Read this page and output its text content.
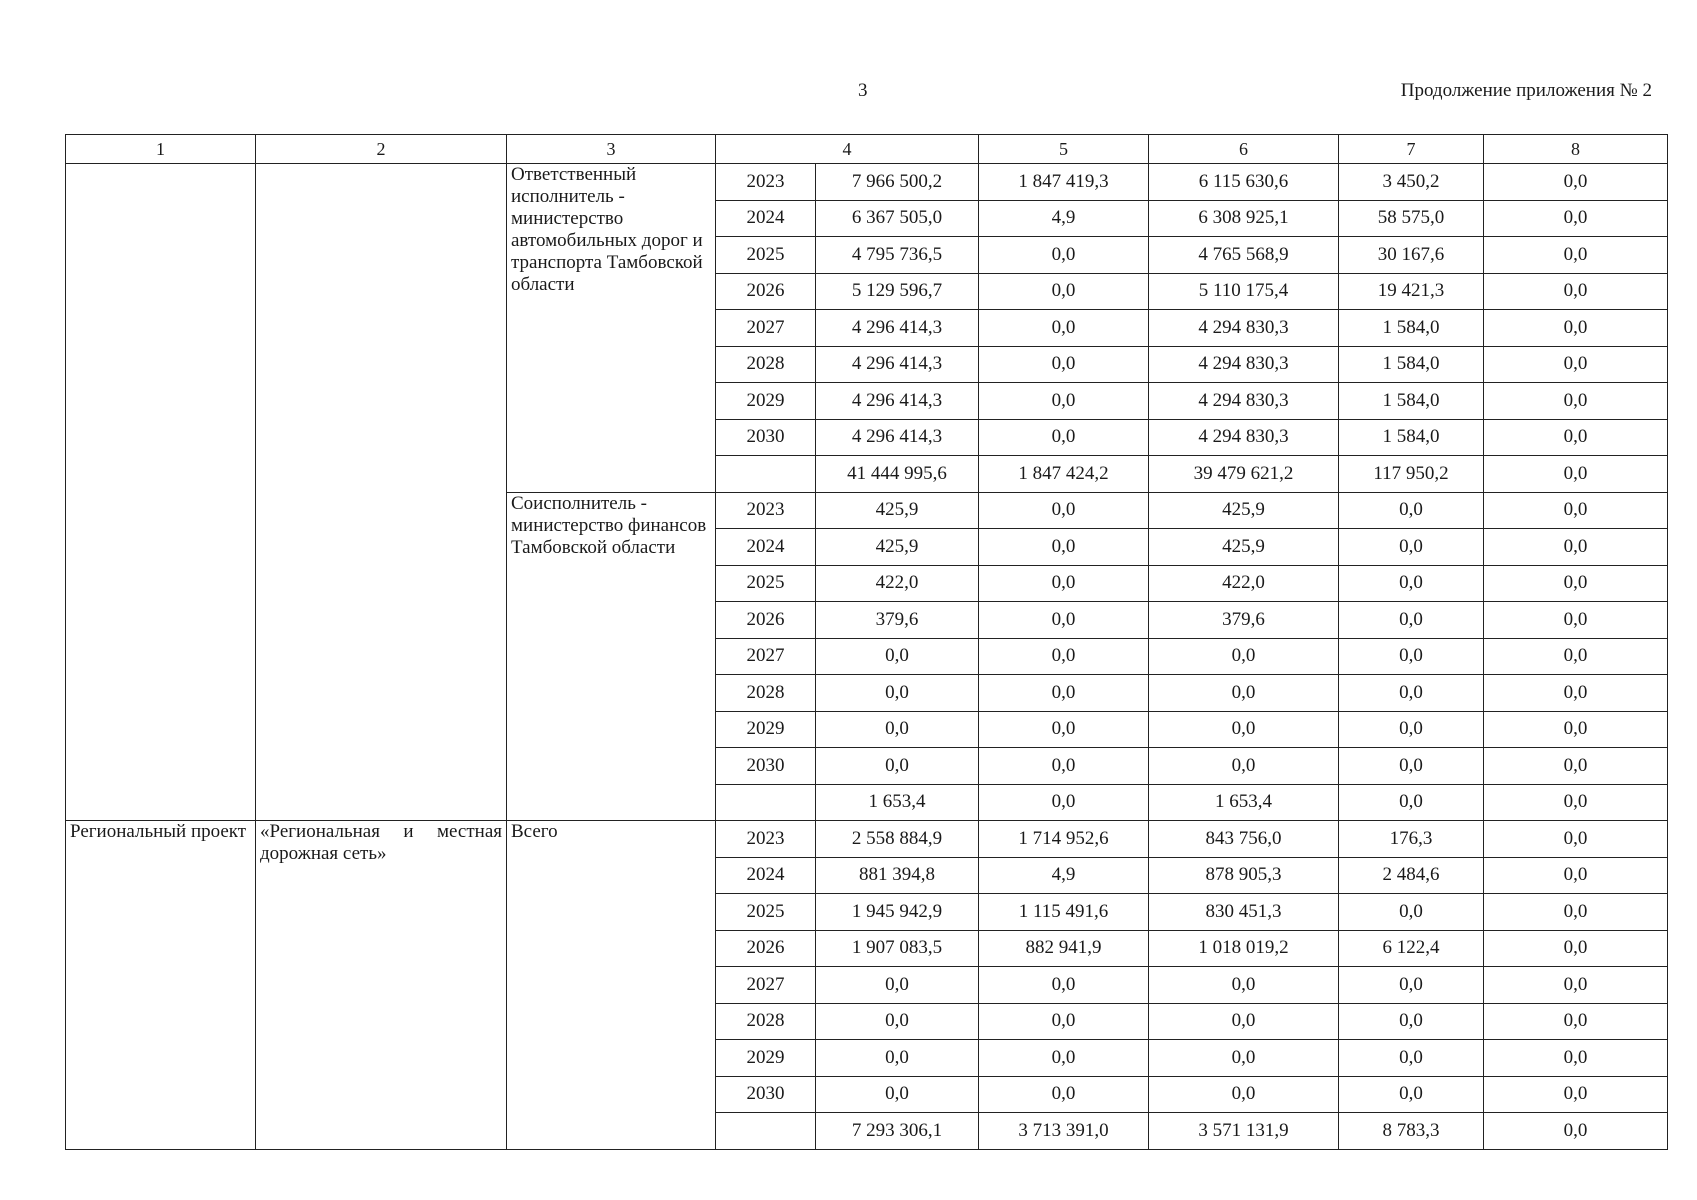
3	Продолжение приложения № 2
1	2	3	4		5	6	7	8
		Ответственный исполнитель - министерство автомобильных дорог и транспорта Тамбовской области	2023	7 966 500,2	1 847 419,3	6 115 630,6	3 450,2	0,0
			2024	6 367 505,0	4,9	6 308 925,1	58 575,0	0,0
			2025	4 795 736,5	0,0	4 765 568,9	30 167,6	0,0
			2026	5 129 596,7	0,0	5 110 175,4	19 421,3	0,0
			2027	4 296 414,3	0,0	4 294 830,3	1 584,0	0,0
			2028	4 296 414,3	0,0	4 294 830,3	1 584,0	0,0
			2029	4 296 414,3	0,0	4 294 830,3	1 584,0	0,0
			2030	4 296 414,3	0,0	4 294 830,3	1 584,0	0,0
				41 444 995,6	1 847 424,2	39 479 621,2	117 950,2	0,0
		Соисполнитель - министерство финансов Тамбовской области	2023	425,9	0,0	425,9	0,0	0,0
			2024	425,9	0,0	425,9	0,0	0,0
			2025	422,0	0,0	422,0	0,0	0,0
			2026	379,6	0,0	379,6	0,0	0,0
			2027	0,0	0,0	0,0	0,0	0,0
			2028	0,0	0,0	0,0	0,0	0,0
			2029	0,0	0,0	0,0	0,0	0,0
			2030	0,0	0,0	0,0	0,0	0,0
				1 653,4	0,0	1 653,4	0,0	0,0
Региональный проект	«Региональная и местная дорожная сеть»	Всего	2023	2 558 884,9	1 714 952,6	843 756,0	176,3	0,0
			2024	881 394,8	4,9	878 905,3	2 484,6	0,0
			2025	1 945 942,9	1 115 491,6	830 451,3	0,0	0,0
			2026	1 907 083,5	882 941,9	1 018 019,2	6 122,4	0,0
			2027	0,0	0,0	0,0	0,0	0,0
			2028	0,0	0,0	0,0	0,0	0,0
			2029	0,0	0,0	0,0	0,0	0,0
			2030	0,0	0,0	0,0	0,0	0,0
				7 293 306,1	3 713 391,0	3 571 131,9	8 783,3	0,0
